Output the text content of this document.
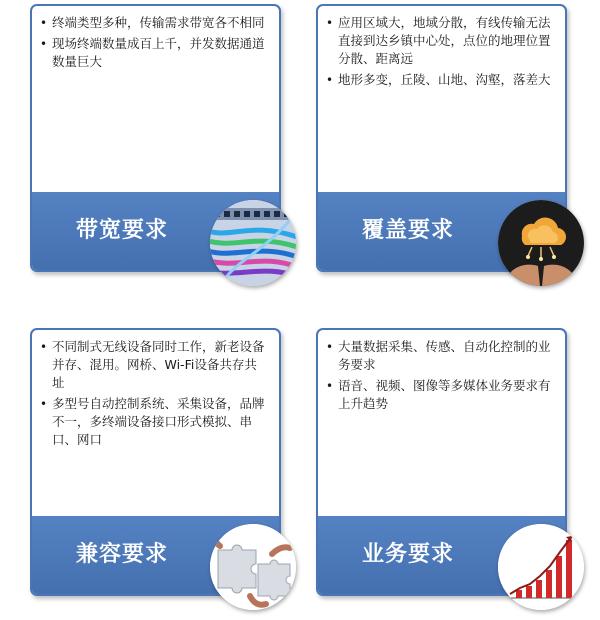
• 终端类型多种，传输需求带宽各不相同
• 现场终端数量成百上千，并发数据通道数量巨大
带宽要求
• 应用区域大，地域分散，有线传输无法直接到达乡镇中心处，点位的地理位置分散、距离远
• 地形多变，丘陵、山地、沟壑，落差大
覆盖要求
• 不同制式无线设备同时工作，新老设备并存、混用。网桥、Wi-Fi设备共存共址
• 多型号自动控制系统、采集设备，品牌不一，多终端设备接口形式模拟、串口、网口
兼容要求
• 大量数据采集、传感、自动化控制的业务要求
• 语音、视频、图像等多媒体业务要求有上升趋势
业务要求
